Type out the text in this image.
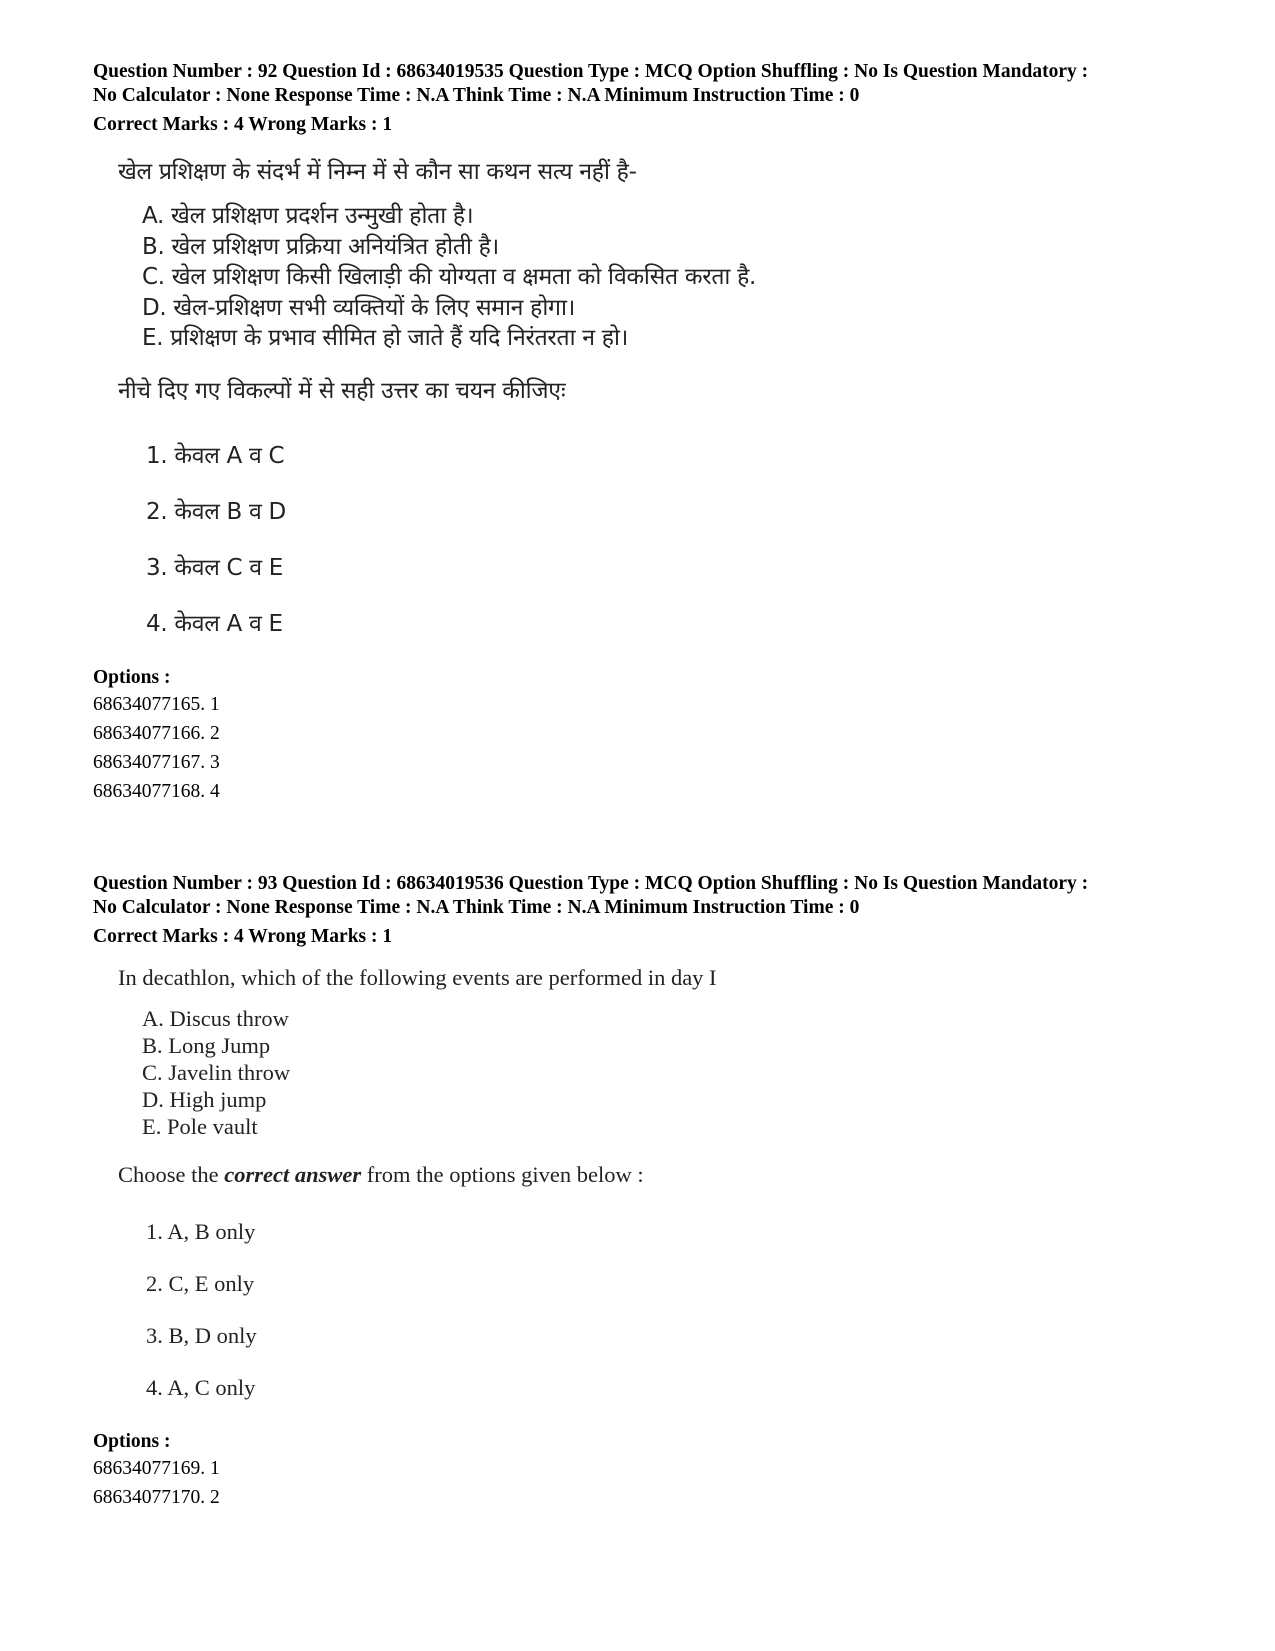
Question Number : 92 Question Id : 68634019535 Question Type : MCQ Option Shuffling : No Is Question Mandatory :

No Calculator : None Response Time : N.A Think Time : N.A Minimum Instruction Time : 0

Correct Marks : 4 Wrong Marks : 1

खेल प्रशिक्षण के संदर्भ में निम्न में से कौन सा कथन सत्य नहीं है-

A. खेल प्रशिक्षण प्रदर्शन उन्मुखी होता है।
B. खेल प्रशिक्षण प्रक्रिया अनियंत्रित होती है।
C. खेल प्रशिक्षण किसी खिलाड़ी की योग्यता व क्षमता को विकसित करता है.
D. खेल-प्रशिक्षण सभी व्यक्तियों के लिए समान होगा।
E. प्रशिक्षण के प्रभाव सीमित हो जाते हैं यदि निरंतरता न हो।

नीचे दिए गए विकल्पों में से सही उत्तर का चयन कीजिएः

1. केवल A व C
2. केवल B व D
3. केवल C व E
4. केवल A व E

Options :

68634077165. 1
68634077166. 2
68634077167. 3
68634077168. 4

Question Number : 93 Question Id : 68634019536 Question Type : MCQ Option Shuffling : No Is Question Mandatory :

No Calculator : None Response Time : N.A Think Time : N.A Minimum Instruction Time : 0

Correct Marks : 4 Wrong Marks : 1

In decathlon, which of the following events are performed in day I

A. Discus throw
B. Long Jump
C. Javelin throw
D. High jump
E. Pole vault

Choose the correct answer from the options given below :

1. A, B only
2. C, E only
3. B, D only
4. A, C only

Options :

68634077169. 1
68634077170. 2
